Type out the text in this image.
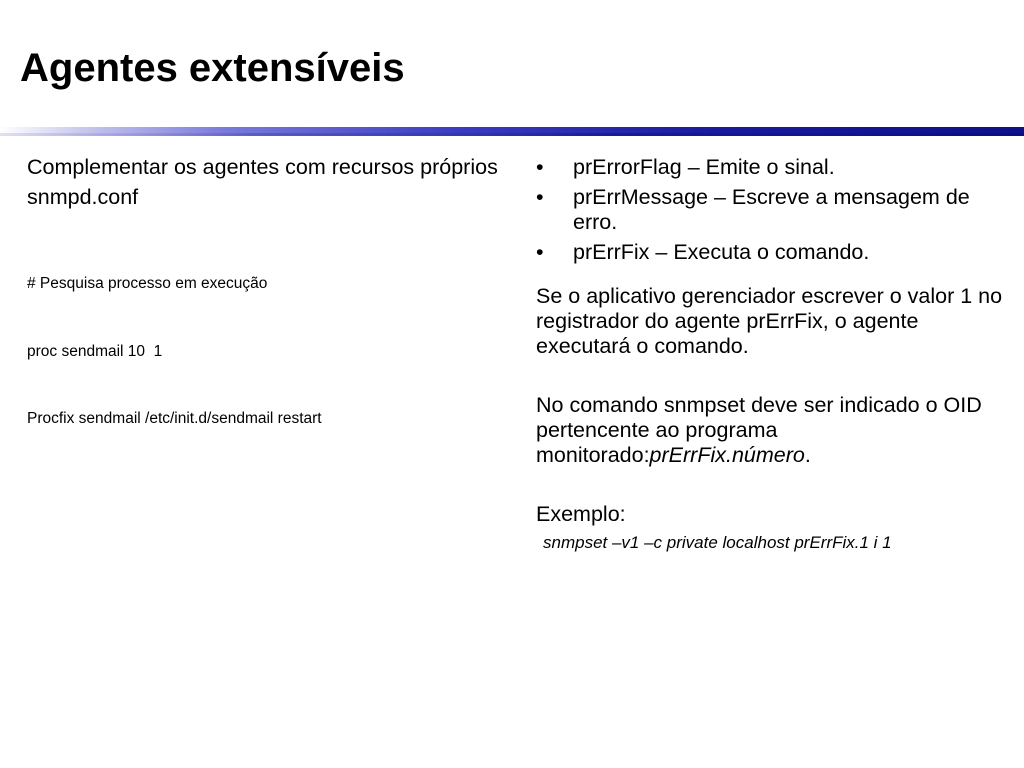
Agentes extensíveis

Complementar os agentes com recursos próprios

snmpd.conf

# Pesquisa processo em execução

proc sendmail 10  1

Procfix sendmail /etc/init.d/sendmail restart

•	prErrorFlag – Emite o sinal.
•	prErrMessage – Escreve a mensagem de erro.
•	prErrFix – Executa o comando.

Se o aplicativo gerenciador escrever o valor 1 no registrador do agente prErrFix, o agente executará o comando.

No comando snmpset deve ser indicado o OID pertencente ao programa monitorado:prErrFix.número.

Exemplo:

snmpset –v1 –c private localhost prErrFix.1 i 1
